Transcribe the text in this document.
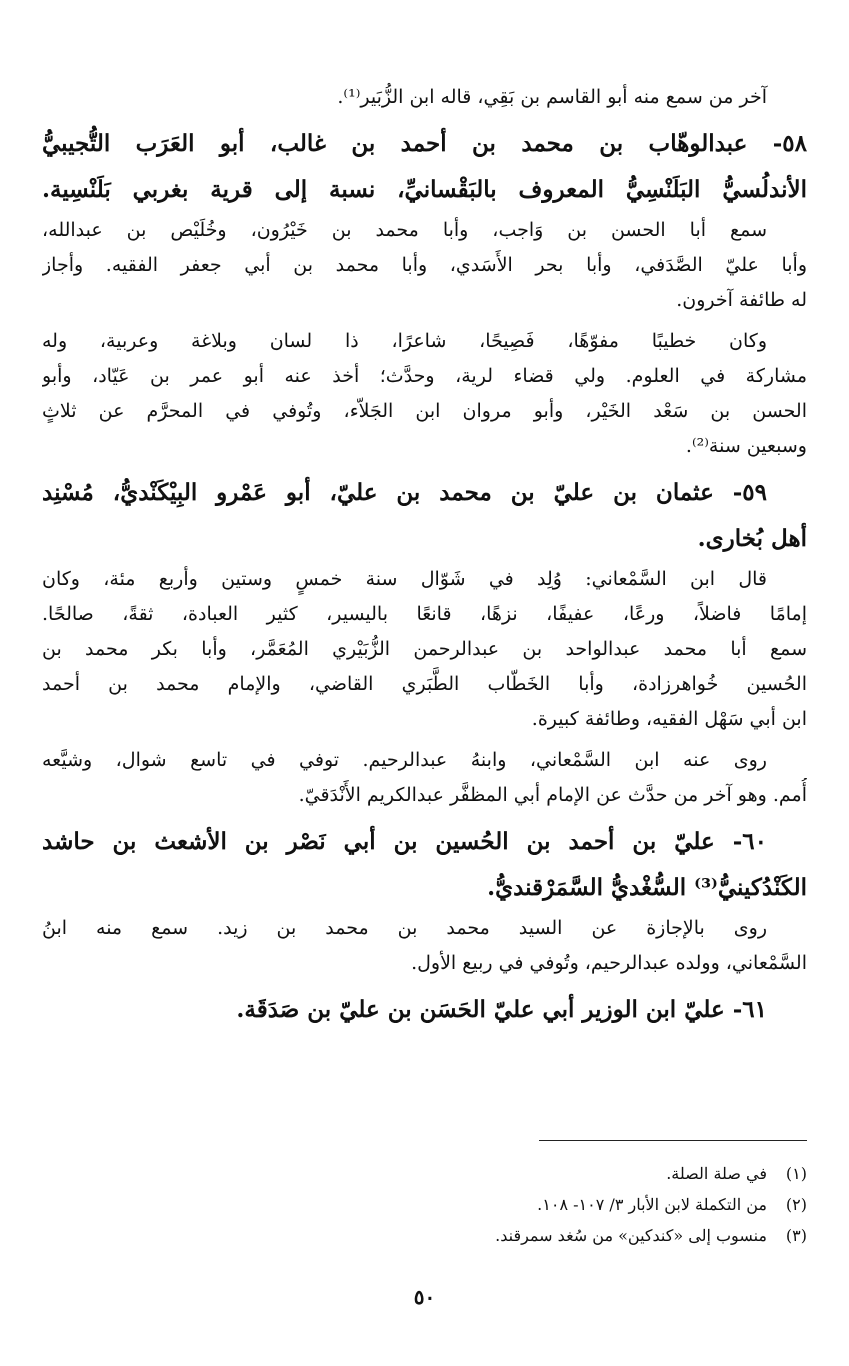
آخر من سمع منه أبو القاسم بن بَقِي، قاله ابن الزُّبَير⁽¹⁾.
٥٨- عبدالوهّاب بن محمد بن أحمد بن غالب، أبو العَرَب التُّجيبيُّ
الأندلُسيُّ البَلَنْسِيُّ المعروف بالبَقْسانيِّ، نسبة إلى قرية بغربي بَلَنْسِية.
سمع أبا الحسن بن وَاجب، وأبا محمد بن خَيْرُون، وخُلَيْص بن عبدالله،
وأبا عليّ الصَّدَفي، وأبا بحر الأَسَدي، وأبا محمد بن أبي جعفر الفقيه. وأجاز
له طائفة آخرون.
وكان خطيبًا مفوّهًا، فَصِيحًا، شاعرًا، ذا لسان وبلاغة وعربية، وله
مشاركة في العلوم. ولي قضاء لرية، وحدَّث؛ أخذ عنه أبو عمر بن عَيّاد، وأبو
الحسن بن سَعْد الخَيْر، وأبو مروان ابن الجَلاّء، وتُوفي في المحرَّم عن ثلاثٍ
وسبعين سنة⁽²⁾.
٥٩- عثمان بن عليّ بن محمد بن عليّ، أبو عَمْرو البِيْكَنْديُّ، مُسْنِد
أهل بُخارى.
قال ابن السَّمْعاني: وُلِد في شَوّال سنة خمسٍ وستين وأربع مئة، وكان
إمامًا فاضلاً، ورعًا، عفيفًا، نزهًا، قانعًا باليسير، كثير العبادة، ثقةً، صالحًا.
سمع أبا محمد عبدالواحد بن عبدالرحمن الزُّبَيْري المُعَمَّر، وأبا بكر محمد بن
الحُسين خُواهرزادة، وأبا الخَطّاب الطَّبَري القاضي، والإمام محمد بن أحمد
ابن أبي سَهْل الفقيه، وطائفة كبيرة.
روى عنه ابن السَّمْعاني، وابنهُ عبدالرحيم. توفي في تاسع شوال، وشيَّعه
أُمم. وهو آخر من حدَّث عن الإمام أبي المظفَّر عبدالكريم الأَنْدَقيّ.
٦٠- عليّ بن أحمد بن الحُسين بن أبي نَصْر بن الأشعث بن حاشد
الكَنْدُكينيُّ⁽³⁾ السُّغْديُّ السَّمَرْقنديُّ.
روى بالإجازة عن السيد محمد بن محمد بن زيد. سمع منه ابنُ
السَّمْعاني، وولده عبدالرحيم، وتُوفي في ربيع الأول.
٦١- عليّ ابن الوزير أبي عليّ الحَسَن بن عليّ بن صَدَقَة.
(١)
في صلة الصلة.
(٢)
من التكملة لابن الأبار ٣/ ١٠٧- ١٠٨.
(٣)
منسوب إلى «كندكين» من سُغد سمرقند.
٥٠
